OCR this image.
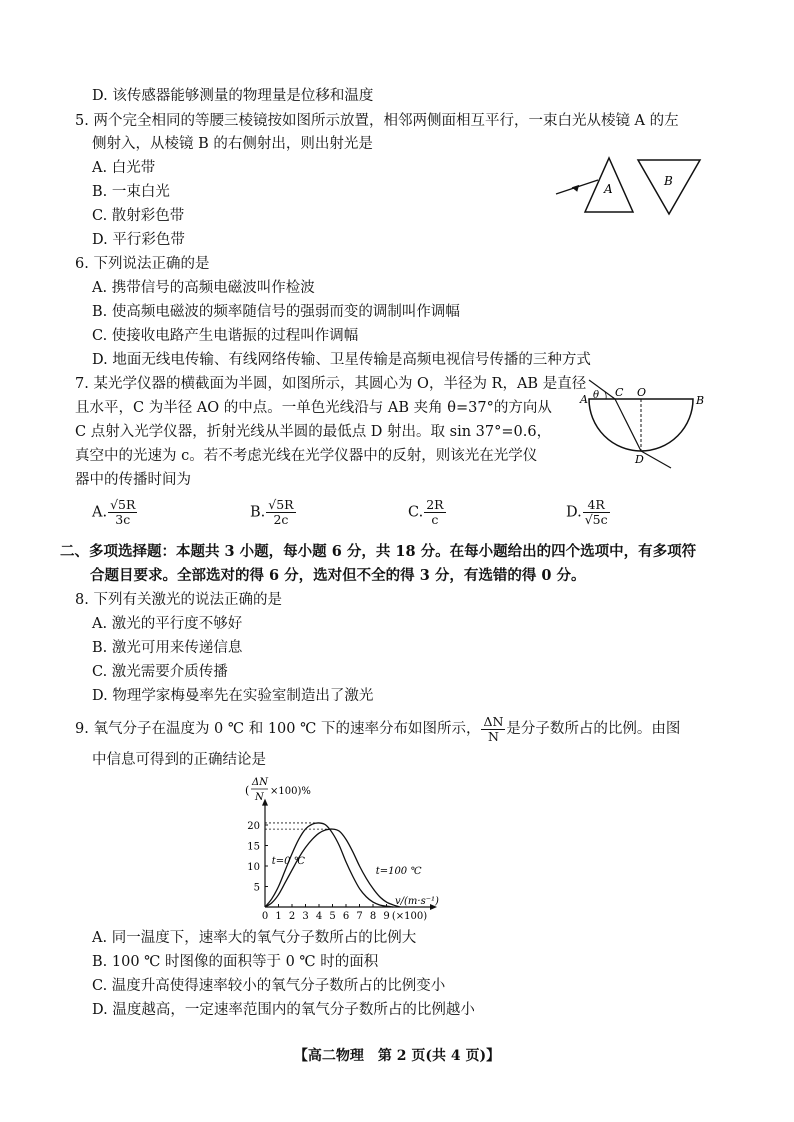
D. 该传感器能够测量的物理量是位移和温度
5. 两个完全相同的等腰三棱镜按如图所示放置，相邻两侧面相互平行，一束白光从棱镜 A 的左
侧射入，从棱镜 B 的右侧射出，则出射光是
A. 白光带
B. 一束白光
C. 散射彩色带
D. 平行彩色带
A
B
6. 下列说法正确的是
A. 携带信号的高频电磁波叫作检波
B. 使高频电磁波的频率随信号的强弱而变的调制叫作调幅
C. 使接收电路产生电谐振的过程叫作调幅
D. 地面无线电传输、有线网络传输、卫星传输是高频电视信号传播的三种方式
7. 某光学仪器的横截面为半圆，如图所示，其圆心为 O，半径为 R，AB 是直径
且水平，C 为半径 AO 的中点。一单色光线沿与 AB 夹角 θ=37°的方向从
C 点射入光学仪器，折射光线从半圆的最低点 D 射出。取 sin 37°=0.6，
真空中的光速为 c。若不考虑光线在光学仪器中的反射，则该光在光学仪
器中的传播时间为
θ
A
C O
B
D
A. $\frac{√5R}{3c}$	B. $\frac{√5R}{2c}$	C. $\frac{2R}{c}$	D. $\frac{4R}{√5c}$
二、多项选择题：本题共 3 小题，每小题 6 分，共 18 分。在每小题给出的四个选项中，有多项符
合题目要求。全部选对的得 6 分，选对但不全的得 3 分，有选错的得 0 分。
8. 下列有关激光的说法正确的是
A. 激光的平行度不够好
B. 激光可用来传递信息
C. 激光需要介质传播
D. 物理学家梅曼率先在实验室制造出了激光
9. 氧气分子在温度为 0 ℃ 和 100 ℃ 下的速率分布如图所示， $\frac{\Delta N}{N}$ 是分子数所占的比例。由图
中信息可得到的正确结论是
0 1 2 3 4 5 6 7 8 9
5
10
15
20
t=0 ℃
t=100 ℃
v/(m·s⁻¹)
(×100)
(
ΔN
N
×100)%
A. 同一温度下，速率大的氧气分子数所占的比例大
B. 100 ℃ 时图像的面积等于 0 ℃ 时的面积
C. 温度升高使得速率较小的氧气分子数所占的比例变小
D. 温度越高，一定速率范围内的氧气分子数所占的比例越小
【高二物理　第 2 页(共 4 页)】
